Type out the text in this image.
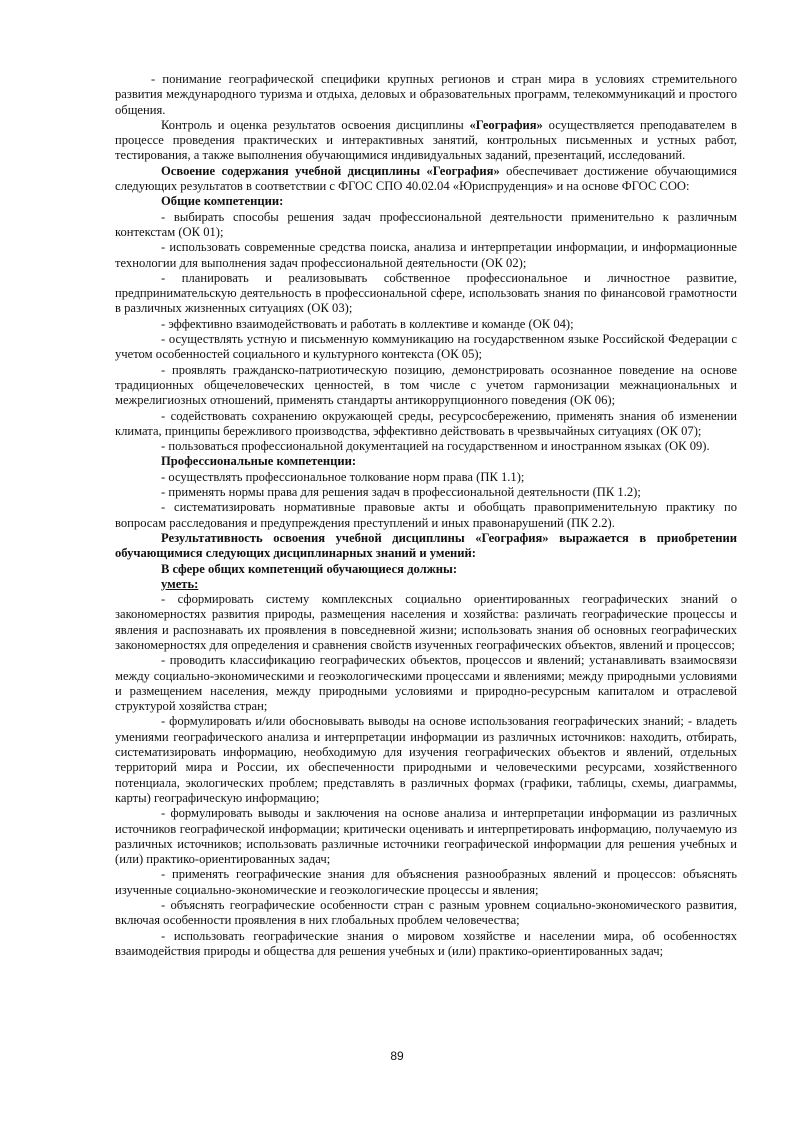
- понимание географической специфики крупных регионов и стран мира в условиях стремительного развития международного туризма и отдыха, деловых и образовательных программ, телекоммуникаций и простого общения.

Контроль и оценка результатов освоения дисциплины «География» осуществляется преподавателем в процессе проведения практических и интерактивных занятий, контрольных письменных и устных работ, тестирования, а также выполнения обучающимися индивидуальных заданий, презентаций, исследований.

Освоение содержания учебной дисциплины «География» обеспечивает достижение обучающимися следующих результатов в соответствии с ФГОС СПО 40.02.04 «Юриспруденция» и на основе ФГОС СОО:

Общие компетенции:

- выбирать способы решения задач профессиональной деятельности применительно к различным контекстам (ОК 01);

- использовать современные средства поиска, анализа и интерпретации информации, и информационные технологии для выполнения задач профессиональной деятельности (ОК 02);

- планировать и реализовывать собственное профессиональное и личностное развитие, предпринимательскую деятельность в профессиональной сфере, использовать знания по финансовой грамотности в различных жизненных ситуациях (ОК 03);

- эффективно взаимодействовать и работать в коллективе и команде (ОК 04);

- осуществлять устную и письменную коммуникацию на государственном языке Российской Федерации с учетом особенностей социального и культурного контекста (ОК 05);

- проявлять гражданско-патриотическую позицию, демонстрировать осознанное поведение на основе традиционных общечеловеческих ценностей, в том числе с учетом гармонизации межнациональных и межрелигиозных отношений, применять стандарты антикоррупционного поведения (ОК 06);

- содействовать сохранению окружающей среды, ресурсосбережению, применять знания об изменении климата, принципы бережливого производства, эффективно действовать в чрезвычайных ситуациях (ОК 07);

- пользоваться профессиональной документацией на государственном и иностранном языках (ОК 09).

Профессиональные компетенции:

- осуществлять профессиональное толкование норм права (ПК 1.1);

- применять нормы права для решения задач в профессиональной деятельности (ПК 1.2);

- систематизировать нормативные правовые акты и обобщать правоприменительную практику по вопросам расследования и предупреждения преступлений и иных правонарушений (ПК 2.2).

Результативность освоения учебной дисциплины «География» выражается в приобретении обучающимися следующих дисциплинарных знаний и умений:

В сфере общих компетенций обучающиеся должны:

уметь:

- сформировать систему комплексных социально ориентированных географических знаний о закономерностях развития природы, размещения населения и хозяйства: различать географические процессы и явления и распознавать их проявления в повседневной жизни; использовать знания об основных географических закономерностях для определения и сравнения свойств изученных географических объектов, явлений и процессов;

- проводить классификацию географических объектов, процессов и явлений; устанавливать взаимосвязи между социально-экономическими и геоэкологическими процессами и явлениями; между природными условиями и размещением населения, между природными условиями и природно-ресурсным капиталом и отраслевой структурой хозяйства стран;

- формулировать и/или обосновывать выводы на основе использования географических знаний; - владеть умениями географического анализа и интерпретации информации из различных источников: находить, отбирать, систематизировать информацию, необходимую для изучения географических объектов и явлений, отдельных территорий мира и России, их обеспеченности природными и человеческими ресурсами, хозяйственного потенциала, экологических проблем; представлять в различных формах (графики, таблицы, схемы, диаграммы, карты) географическую информацию;

- формулировать выводы и заключения на основе анализа и интерпретации информации из различных источников географической информации; критически оценивать и интерпретировать информацию, получаемую из различных источников; использовать различные источники географической информации для решения учебных и (или) практико-ориентированных задач;

- применять географические знания для объяснения разнообразных явлений и процессов: объяснять изученные социально-экономические и геоэкологические процессы и явления;

- объяснять географические особенности стран с разным уровнем социально-экономического развития, включая особенности проявления в них глобальных проблем человечества;

- использовать географические знания о мировом хозяйстве и населении мира, об особенностях взаимодействия природы и общества для решения учебных и (или) практико-ориентированных задач;

89
